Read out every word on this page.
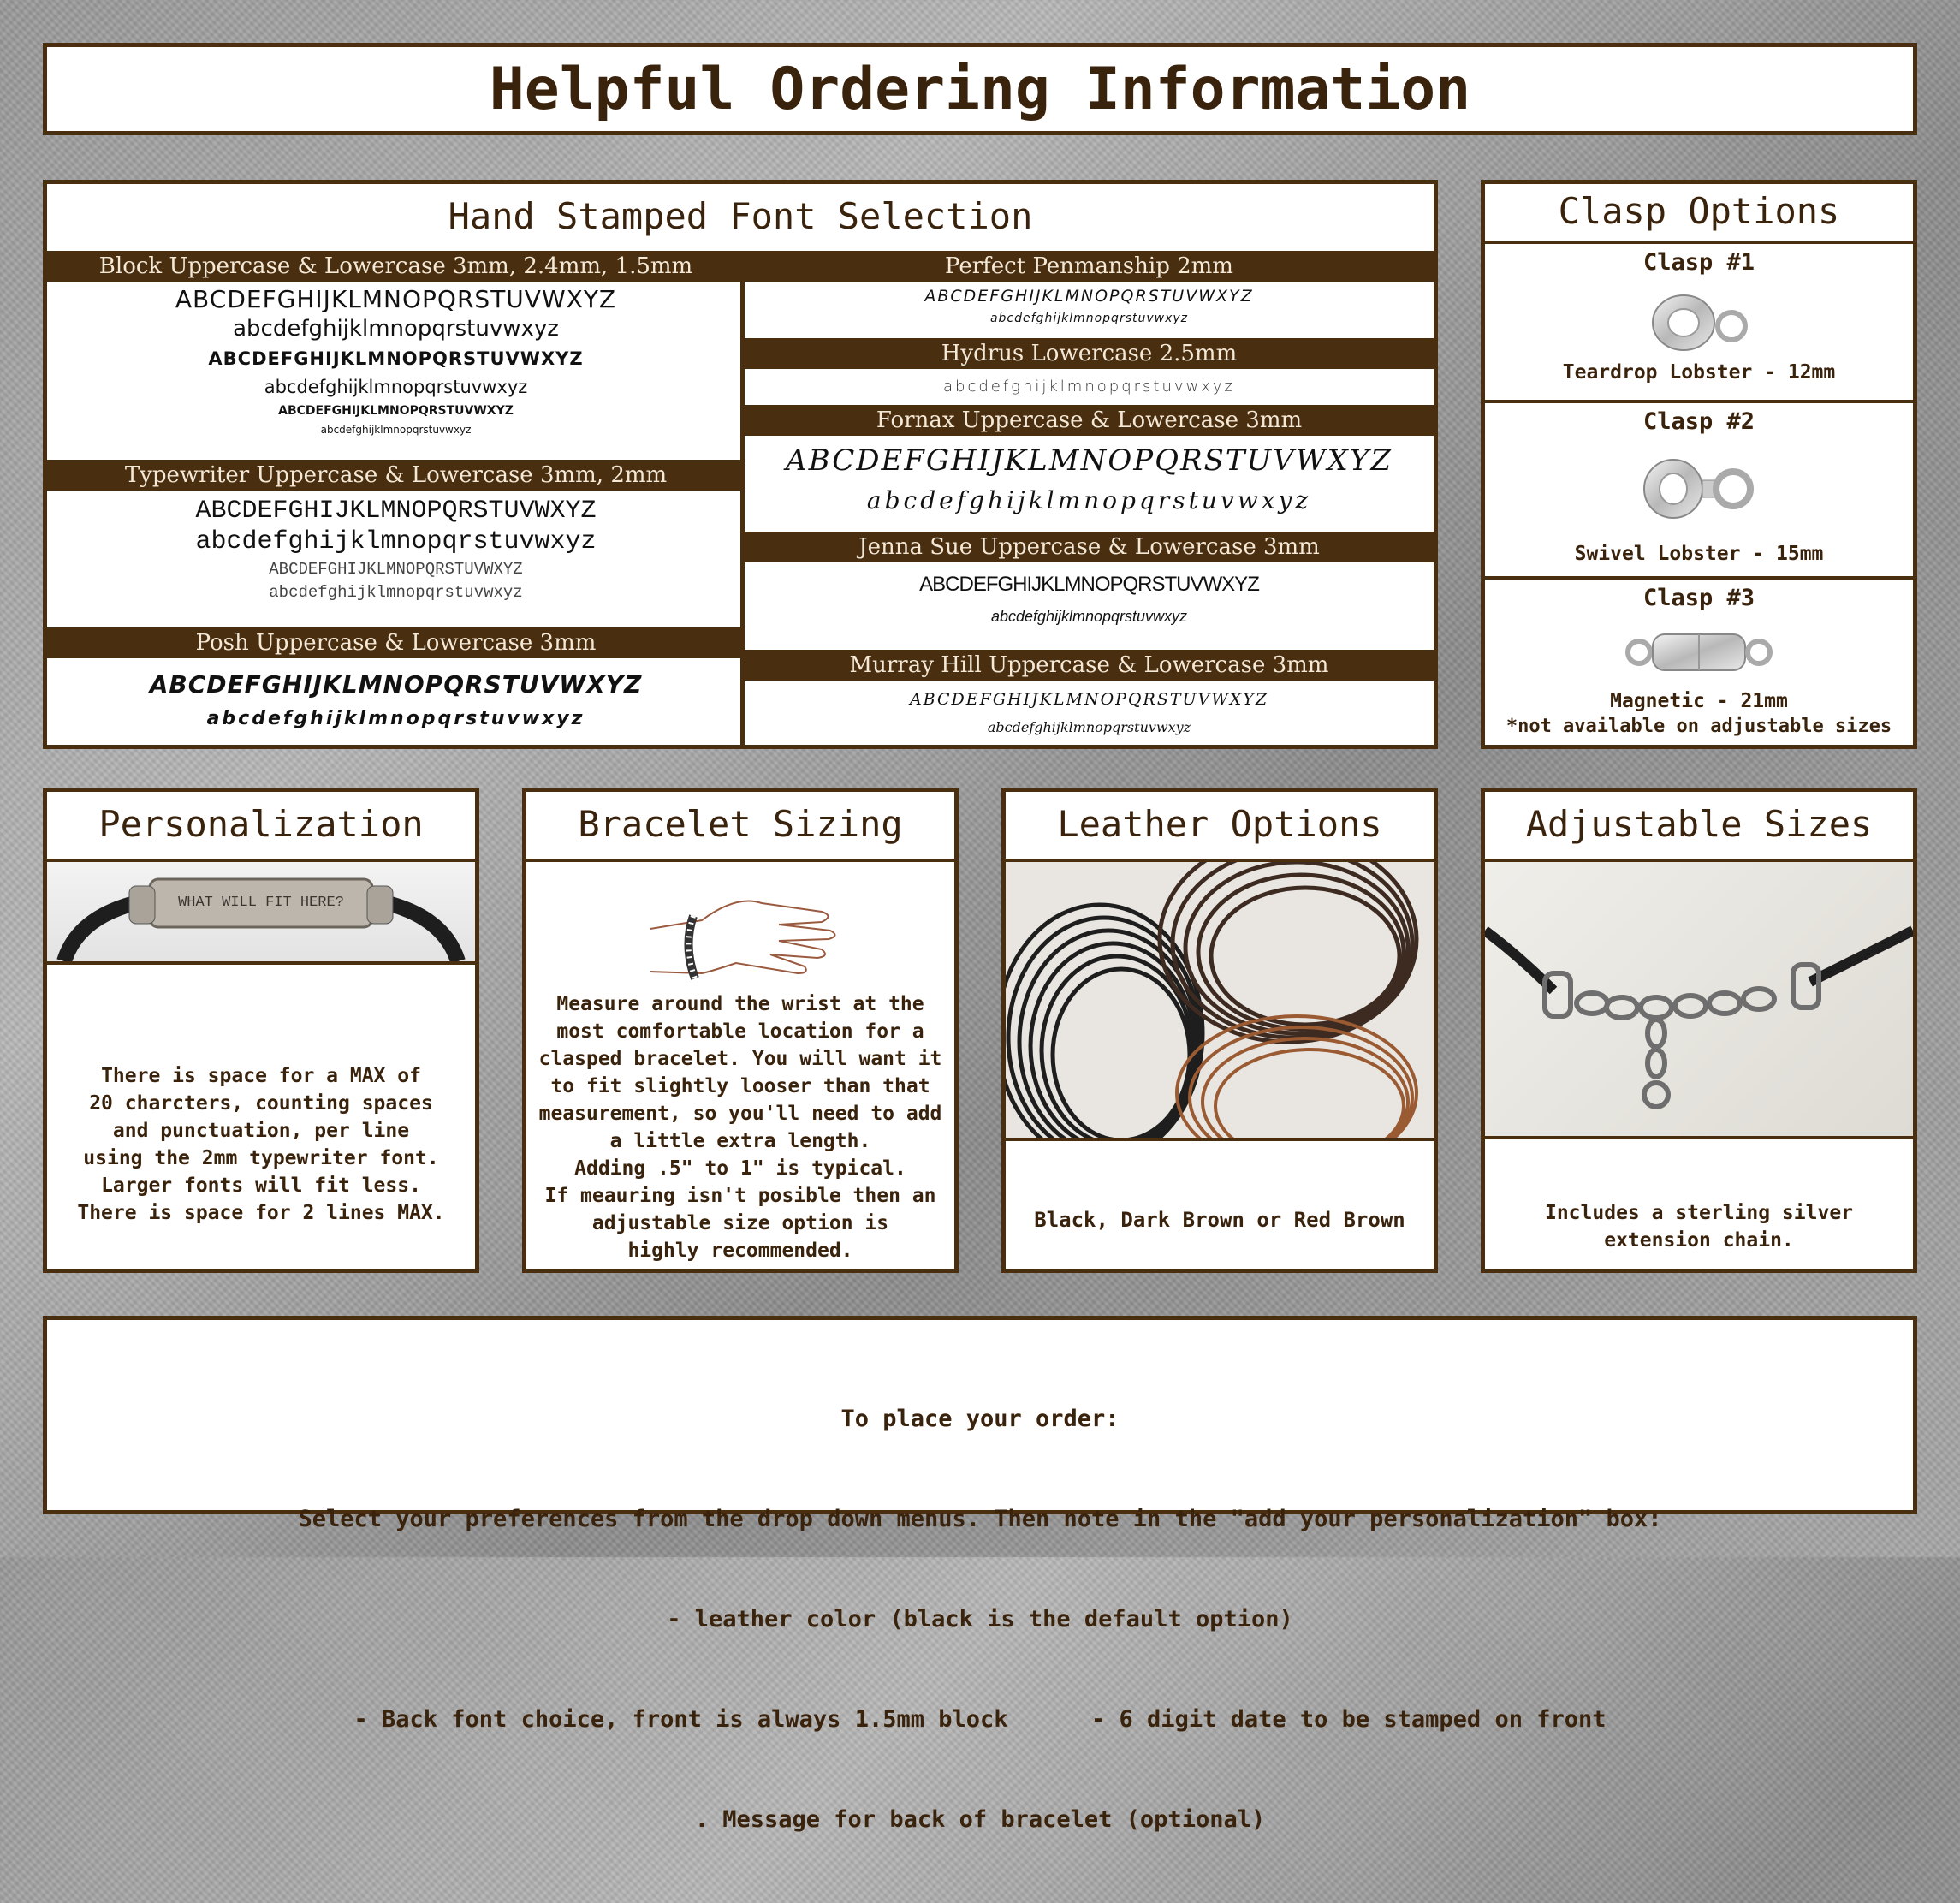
Helpful Ordering Information
Hand Stamped Font Selection
Block Uppercase & Lowercase 3mm, 2.4mm, 1.5mm
ABCDEFGHIJKLMNOPQRSTUVWXYZ
abcdefghijklmnopqrstuvwxyz
ABCDEFGHIJKLMNOPQRSTUVWXYZ
abcdefghijklmnopqrstuvwxyz
ABCDEFGHIJKLMNOPQRSTUVWXYZ
abcdefghijklmnopqrstuvwxyz
Typewriter Uppercase & Lowercase 3mm, 2mm
ABCDEFGHIJKLMNOPQRSTUVWXYZ
abcdefghijklmnopqrstuvwxyz
ABCDEFGHIJKLMNOPQRSTUVWXYZ
abcdefghijklmnopqrstuvwxyz
Posh Uppercase & Lowercase 3mm
ABCDEFGHIJKLMNOPQRSTUVWXYZ
abcdefghijklmnopqrstuvwxyz
Perfect Penmanship 2mm
ABCDEFGHIJKLMNOPQRSTUVWXYZ
abcdefghijklmnopqrstuvwxyz
Hydrus Lowercase 2.5mm
abcdefghijklmnopqrstuvwxyz
Fornax Uppercase & Lowercase 3mm
ABCDEFGHIJKLMNOPQRSTUVWXYZ
abcdefghijklmnopqrstuvwxyz
Jenna Sue Uppercase & Lowercase 3mm
ABCDEFGHIJKLMNOPQRSTUVWXYZ
abcdefghijklmnopqrstuvwxyz
Murray Hill Uppercase & Lowercase 3mm
ABCDEFGHIJKLMNOPQRSTUVWXYZ
abcdefghijklmnopqrstuvwxyz
Clasp Options
Clasp #1
Teardrop Lobster - 12mm
Clasp #2
Swivel Lobster - 15mm
Clasp #3
Magnetic - 21mm
*not available on adjustable sizes
Personalization
WHAT WILL FIT HERE?
There is space for a MAX of
20 charcters, counting spaces
and punctuation, per line
using the 2mm typewriter font.
Larger fonts will fit less.
There is space for 2 lines MAX.
Bracelet Sizing
Measure around the wrist at the
most comfortable location for a
clasped bracelet. You will want it
to fit slightly looser than that
measurement, so you'll need to add
a little extra length.
Adding .5" to 1" is typical.
If meauring isn't posible then an
adjustable size option is
highly recommended.
Leather Options
Black, Dark Brown or Red Brown
Adjustable Sizes
Includes a sterling silver
extension chain.

To place your order:

Select your preferences from the drop down menus. Then note in the "add your personalization" box:

- leather color (black is the default option)

- Back font choice, front is always 1.5mm block      - 6 digit date to be stamped on front

. Message for back of bracelet (optional)
